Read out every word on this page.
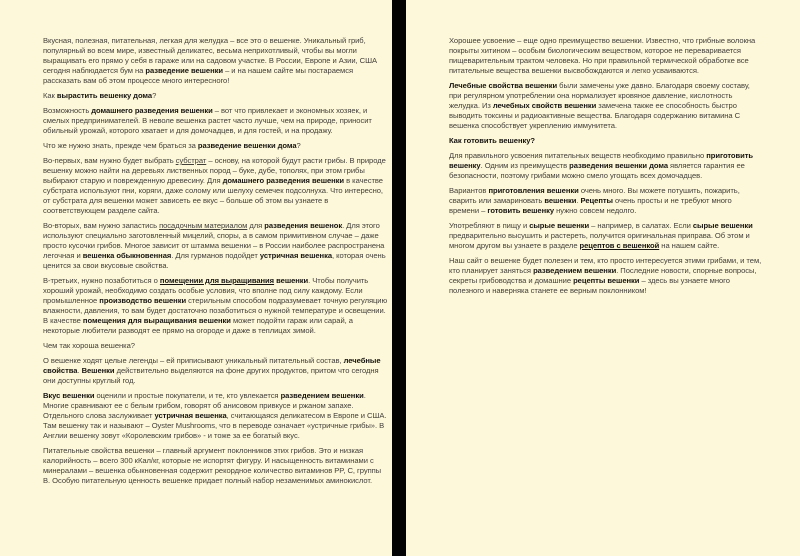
Вкусная, полезная, питательная, легкая для желудка – все это о вешенке. Уникальный гриб, популярный во всем мире, известный деликатес, весьма неприхотливый, чтобы вы могли выращивать его прямо у себя в гараже или на садовом участке. В России, Европе и Азии, США сегодня наблюдается бум на разведение вешенки – и на нашем сайте мы постараемся рассказать вам об этом процессе много интересного!

Как вырастить вешенку дома?

Возможность домашнего разведения вешенки – вот что привлекает и экономных хозяек, и смелых предпринимателей. В неволе вешенка растет часто лучше, чем на природе, приносит обильный урожай, которого хватает и для домочадцев, и для гостей, и на продажу.

Что же нужно знать, прежде чем браться за разведение вешенки дома?

Во-первых, вам нужно будет выбрать субстрат – основу, на которой будут расти грибы. В природе вешенку можно найти на деревьях лиственных пород – буке, дубе, тополях, при этом грибы выбирают старую и поврежденную древесину. Для домашнего разведения вешенки в качестве субстрата используют пни, коряги, даже солому или шелуху семечек подсолнуха. Что интересно, от субстрата для вешенки может зависеть ее вкус – больше об этом вы узнаете в соответствующем разделе сайта.

Во-вторых, вам нужно запастись посадочным материалом для разведения вешенок. Для этого используют специально заготовленный мицелий, споры, а в самом примитивном случае – даже просто кусочки грибов. Многое зависит от штамма вешенки – в России наиболее распространена легочная и вешенка обыкновенная. Для гурманов подойдет устричная вешенка, которая очень ценится за свои вкусовые свойства.

В-третьих, нужно позаботиться о помещении для выращивания вешенки. Чтобы получить хороший урожай, необходимо создать особые условия, что вполне под силу каждому. Если промышленное производство вешенки стерильным способом подразумевает точную регуляцию влажности, давления, то вам будет достаточно позаботиться о нужной температуре и освещении. В качестве помещения для выращивания вешенки может подойти гараж или сарай, а некоторые любители разводят ее прямо на огороде и даже в теплицах зимой.

Чем так хороша вешенка?

О вешенке ходят целые легенды – ей приписывают уникальный питательный состав, лечебные свойства. Вешенки действительно выделяются на фоне других продуктов, притом что сегодня они доступны круглый год.

Вкус вешенки оценили и простые покупатели, и те, кто увлекается разведением вешенки. Многие сравнивают ее с белым грибом, говорят об анисовом привкусе и ржаном запахе. Отдельного слова заслуживает устричная вешенка, считающаяся деликатесом в Европе и США. Там вешенку так и называют – Oyster Mushrooms, что в переводе означает «устричные грибы». В Англии вешенку зовут «Королевским грибов» - и тоже за ее богатый вкус.

Питательные свойства вешенки – главный аргумент поклонников этих грибов. Это и низкая калорийность – всего 300 кКал/кг, которые не испортят фигуру. И насыщенность витаминами с минералами – вешенка обыкновенная содержит рекордное количество витаминов PP, C, группы B. Особую питательную ценность вешенке придает полный набор незаменимых аминокислот.

Хорошее усвоение – еще одно преимущество вешенки. Известно, что грибные волокна покрыты хитином – особым биологическим веществом, которое не переваривается пищеварительным трактом человека. Но при правильной термической обработке все питательные вещества вешенки высвобождаются и легко усваиваются.

Лечебные свойства вешенки были замечены уже давно. Благодаря своему составу, при регулярном употреблении она нормализует кровяное давление, кислотность желудка. Из лечебных свойств вешенки замечена также ее способность быстро выводить токсины и радиоактивные вещества. Благодаря содержанию витамина С вешенка способствует укреплению иммунитета.

Как готовить вешенку?

Для правильного усвоения питательных веществ необходимо правильно приготовить вешенку. Одним из преимуществ разведения вешенки дома является гарантия ее безопасности, поэтому грибами можно смело угощать всех домочадцев.

Вариантов приготовления вешенки очень много. Вы можете потушить, пожарить, сварить или замариновать вешенки. Рецепты очень просты и не требуют много времени – готовить вешенку нужно совсем недолго.

Употребляют в пищу и сырые вешенки – например, в салатах. Если сырые вешенки предварительно высушить и растереть, получится оригинальная приправа. Об этом и многом другом вы узнаете в разделе рецептов с вешенкой на нашем сайте.

Наш сайт о вешенке будет полезен и тем, кто просто интересуется этими грибами, и тем, кто планирует заняться разведением вешенки. Последние новости, спорные вопросы, секреты грибоводства и домашние рецепты вешенки – здесь вы узнаете много полезного и наверняка станете ее верным поклонником!
